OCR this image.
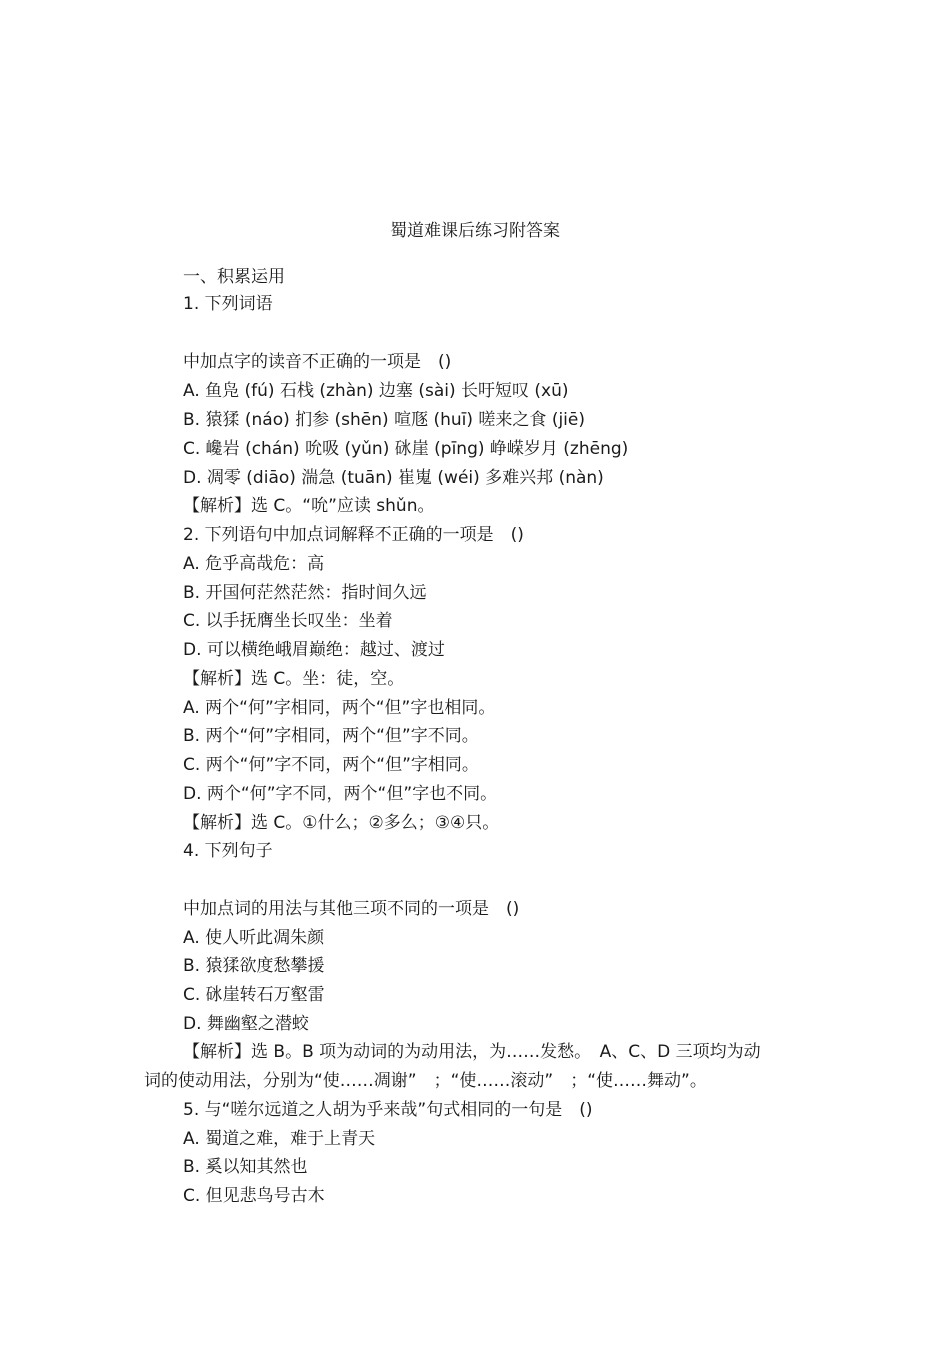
蜀道难课后练习附答案
一、积累运用
1. 下列词语
中加点字的读音不正确的一项是　()
A. 鱼凫 (fú) 石栈 (zhàn) 边塞 (sài) 长吁短叹 (xū)
B. 猿猱 (náo) 扪参 (shēn) 喧豗 (huī) 嗟来之食 (jiē)
C. 巉岩 (chán) 吮吸 (yǔn) 砯崖 (pīng) 峥嵘岁月 (zhēng)
D. 凋零 (diāo) 湍急 (tuān) 崔嵬 (wéi) 多难兴邦 (nàn)
【解析】选 C。“吮”应读 shǔn。
2. 下列语句中加点词解释不正确的一项是　()
A. 危乎高哉危：高
B. 开国何茫然茫然：指时间久远
C. 以手抚膺坐长叹坐：坐着
D. 可以横绝峨眉巅绝：越过、渡过
【解析】选 C。坐：徒，空。
A. 两个“何”字相同，两个“但”字也相同。
B. 两个“何”字相同，两个“但”字不同。
C. 两个“何”字不同，两个“但”字相同。
D. 两个“何”字不同，两个“但”字也不同。
【解析】选 C。①什么；②多么；③④只。
4. 下列句子
中加点词的用法与其他三项不同的一项是　()
A. 使人听此凋朱颜
B. 猿猱欲度愁攀援
C. 砯崖转石万壑雷
D. 舞幽壑之潜蛟
【解析】选 B。B 项为动词的为动用法，为……发愁。　A、C、D 三项均为动
词的使动用法，分别为“使……凋谢”　；“使……滚动”　；“使……舞动”。
5. 与“嗟尔远道之人胡为乎来哉”句式相同的一句是　()
A. 蜀道之难，难于上青天
B. 奚以知其然也
C. 但见悲鸟号古木
